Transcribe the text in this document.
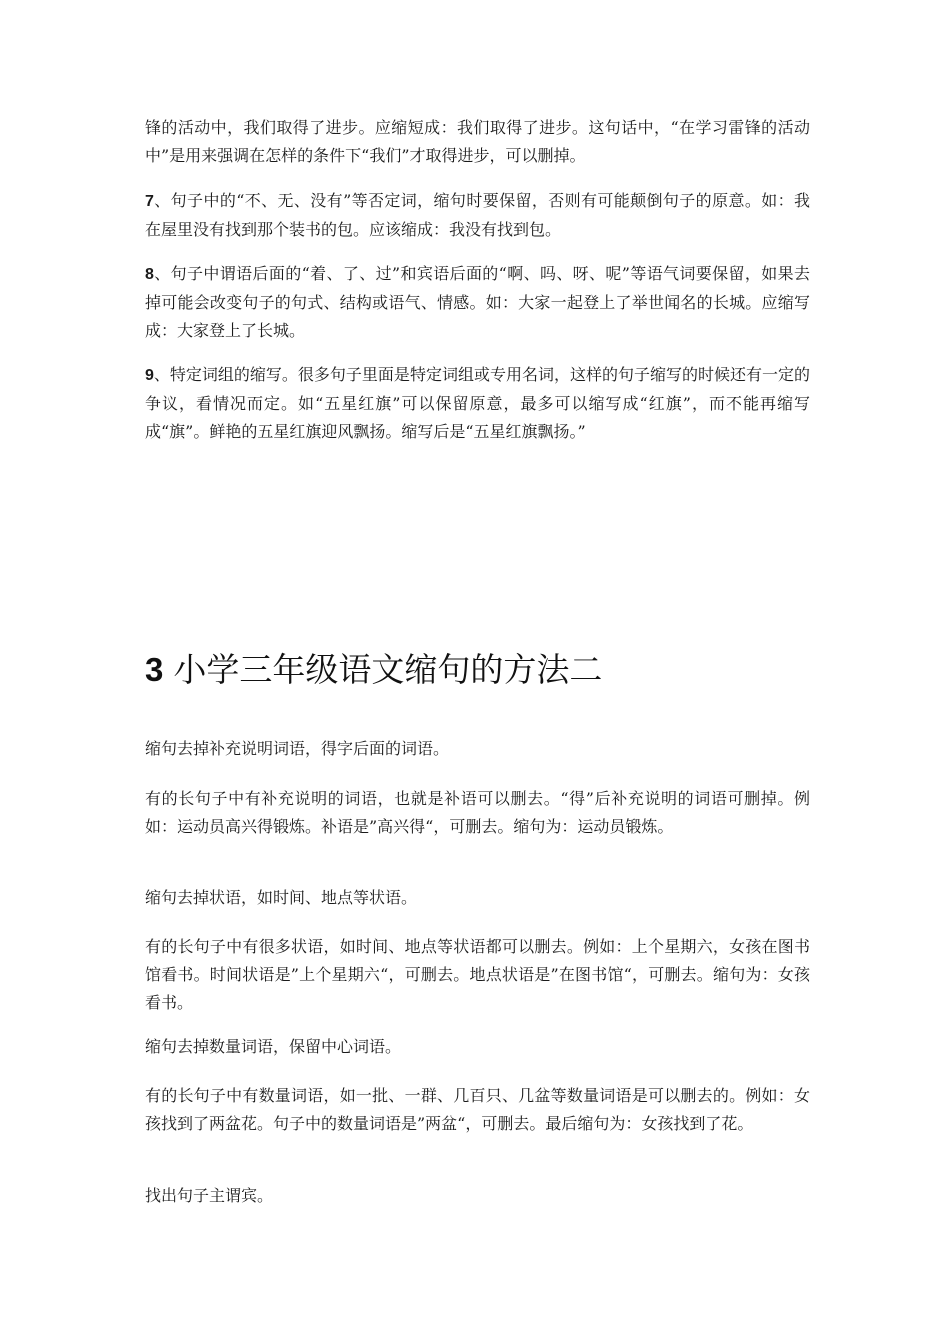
锋的活动中，我们取得了进步。应缩短成：我们取得了进步。这句话中，“在学习雷锋的活动中”是用来强调在怎样的条件下“我们”才取得进步，可以删掉。

7、句子中的“不、无、没有”等否定词，缩句时要保留，否则有可能颠倒句子的原意。如：我在屋里没有找到那个装书的包。应该缩成：我没有找到包。

8、句子中谓语后面的“着、了、过”和宾语后面的“啊、吗、呀、呢”等语气词要保留，如果去掉可能会改变句子的句式、结构或语气、情感。如：大家一起登上了举世闻名的长城。应缩写成：大家登上了长城。

9、特定词组的缩写。很多句子里面是特定词组或专用名词，这样的句子缩写的时候还有一定的争议，看情况而定。如“五星红旗”可以保留原意，最多可以缩写成“红旗”，而不能再缩写成“旗”。鲜艳的五星红旗迎风飘扬。缩写后是“五星红旗飘扬。”

3 小学三年级语文缩句的方法二

缩句去掉补充说明词语，得字后面的词语。

有的长句子中有补充说明的词语，也就是补语可以删去。“得”后补充说明的词语可删掉。例如：运动员高兴得锻炼。补语是”高兴得“，可删去。缩句为：运动员锻炼。

缩句去掉状语，如时间、地点等状语。

有的长句子中有很多状语，如时间、地点等状语都可以删去。例如：上个星期六，女孩在图书馆看书。时间状语是”上个星期六“，可删去。地点状语是”在图书馆“，可删去。缩句为：女孩看书。

缩句去掉数量词语，保留中心词语。

有的长句子中有数量词语，如一批、一群、几百只、几盆等数量词语是可以删去的。例如：女孩找到了两盆花。句子中的数量词语是”两盆“，可删去。最后缩句为：女孩找到了花。

找出句子主谓宾。
